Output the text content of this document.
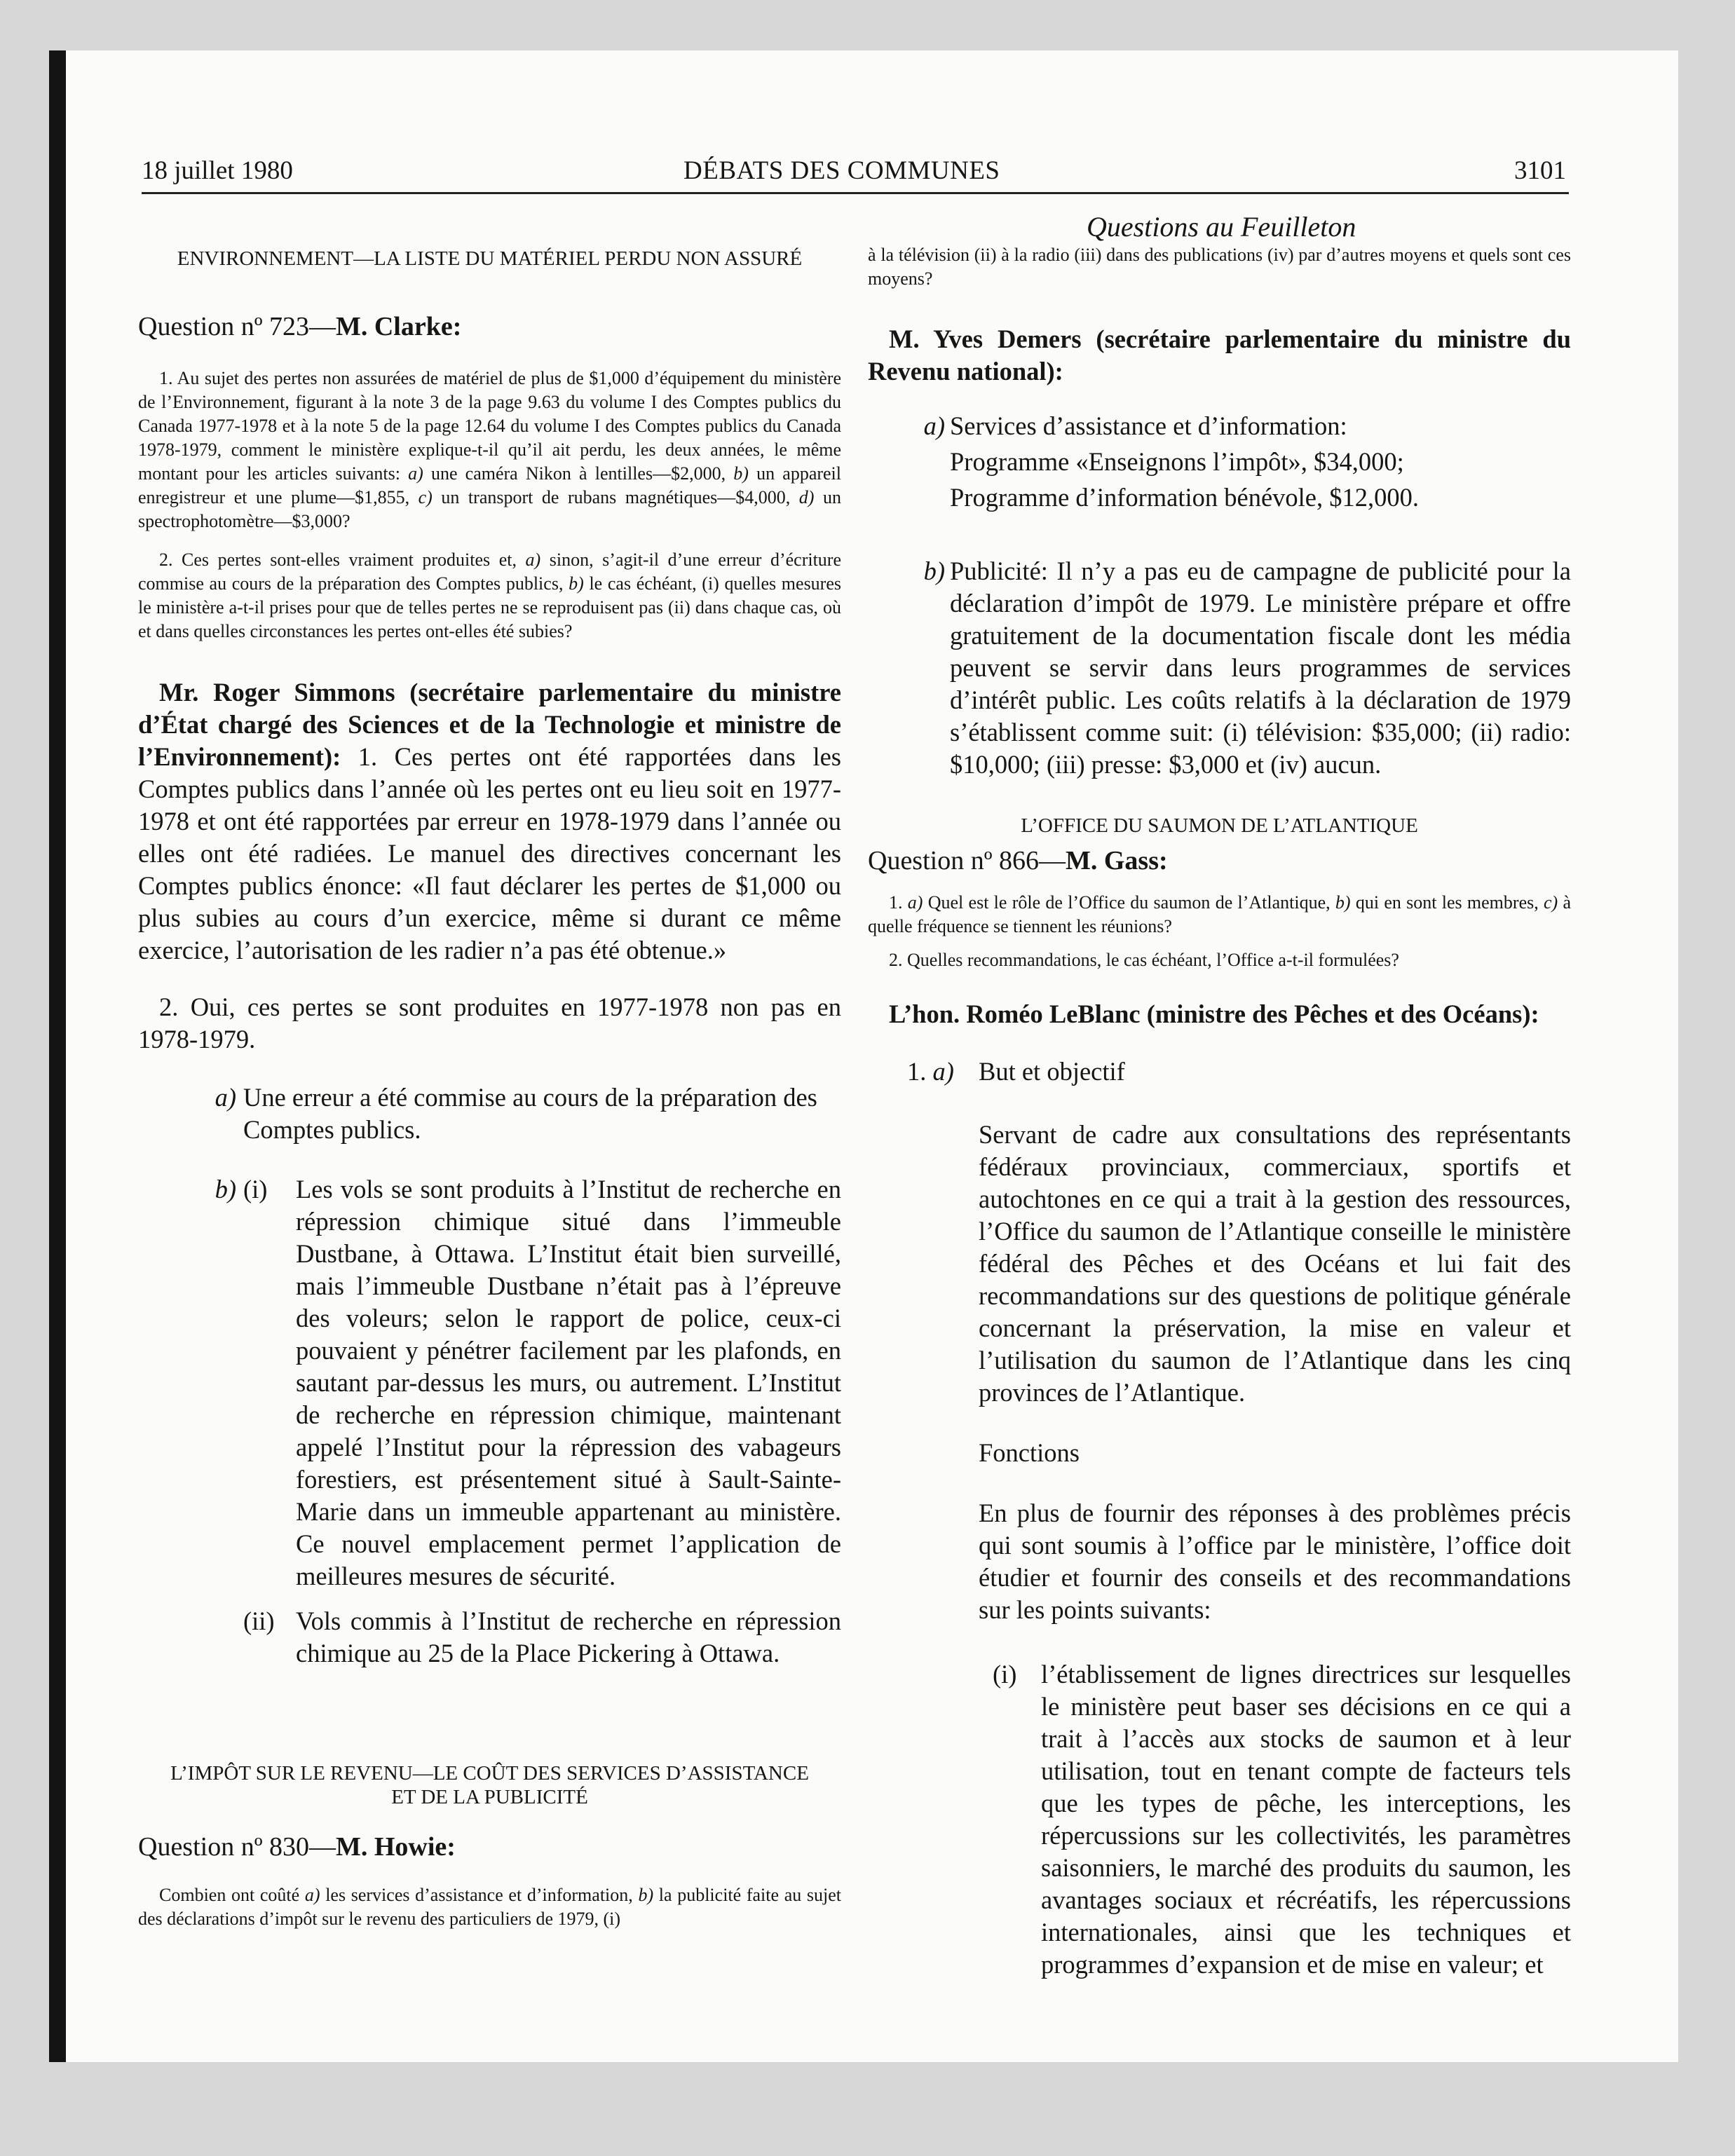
18 juillet 1980	DÉBATS DES COMMUNES	3101
Questions au Feuilleton

ENVIRONNEMENT—LA LISTE DU MATÉRIEL PERDU NON ASSURÉ

Question nº 723—M. Clarke:

1. Au sujet des pertes non assurées de matériel de plus de $1,000 d’équipement du ministère de l’Environnement, figurant à la note 3 de la page 9.63 du volume I des Comptes publics du Canada 1977-1978 et à la note 5 de la page 12.64 du volume I des Comptes publics du Canada 1978-1979, comment le ministère explique-t-il qu’il ait perdu, les deux années, le même montant pour les articles suivants: a) une caméra Nikon à lentilles—$2,000, b) un appareil enregistreur et une plume—$1,855, c) un transport de rubans magnétiques—$4,000, d) un spectrophotomètre—$3,000?

2. Ces pertes sont-elles vraiment produites et, a) sinon, s’agit-il d’une erreur d’écriture commise au cours de la préparation des Comptes publics, b) le cas échéant, (i) quelles mesures le ministère a-t-il prises pour que de telles pertes ne se reproduisent pas (ii) dans chaque cas, où et dans quelles circonstances les pertes ont-elles été subies?

Mr. Roger Simmons (secrétaire parlementaire du ministre d’État chargé des Sciences et de la Technologie et ministre de l’Environnement): 1. Ces pertes ont été rapportées dans les Comptes publics dans l’année où les pertes ont eu lieu soit en 1977-1978 et ont été rapportées par erreur en 1978-1979 dans l’année ou elles ont été radiées. Le manuel des directives concernant les Comptes publics énonce: «Il faut déclarer les pertes de $1,000 ou plus subies au cours d’un exercice, même si durant ce même exercice, l’autorisation de les radier n’a pas été obtenue.»

2. Oui, ces pertes se sont produites en 1977-1978 non pas en 1978-1979.

a) Une erreur a été commise au cours de la préparation des Comptes publics.

b) (i)	Les vols se sont produits à l’Institut de recherche en répression chimique situé dans l’immeuble Dustbane, à Ottawa. L’Institut était bien surveillé, mais l’immeuble Dustbane n’était pas à l’épreuve des voleurs; selon le rapport de police, ceux-ci pouvaient y pénétrer facilement par les plafonds, en sautant par-dessus les murs, ou autrement. L’Institut de recherche en répression chimique, maintenant appelé l’Institut pour la répression des vabageurs forestiers, est présentement situé à Sault-Sainte-Marie dans un immeuble appartenant au ministère. Ce nouvel emplacement permet l’application de meilleures mesures de sécurité.

(ii) Vols commis à l’Institut de recherche en répression chimique au 25 de la Place Pickering à Ottawa.

L’IMPÔT SUR LE REVENU—LE COÛT DES SERVICES D’ASSISTANCE ET DE LA PUBLICITÉ

Question nº 830—M. Howie:

Combien ont coûté a) les services d’assistance et d’information, b) la publicité faite au sujet des déclarations d’impôt sur le revenu des particuliers de 1979, (i)

à la télévision (ii) à la radio (iii) dans des publications (iv) par d’autres moyens et quels sont ces moyens?

M. Yves Demers (secrétaire parlementaire du ministre du Revenu national):

a) Services d’assistance et d’information:

Programme «Enseignons l’impôt», $34,000;

Programme d’information bénévole, $12,000.

b) Publicité: Il n’y a pas eu de campagne de publicité pour la déclaration d’impôt de 1979. Le ministère prépare et offre gratuitement de la documentation fiscale dont les média peuvent se servir dans leurs programmes de services d’intérêt public. Les coûts relatifs à la déclaration de 1979 s’établissent comme suit: (i) télévision: $35,000; (ii) radio: $10,000; (iii) presse: $3,000 et (iv) aucun.

L’OFFICE DU SAUMON DE L’ATLANTIQUE

Question nº 866—M. Gass:

1. a) Quel est le rôle de l’Office du saumon de l’Atlantique, b) qui en sont les membres, c) à quelle fréquence se tiennent les réunions?

2. Quelles recommandations, le cas échéant, l’Office a-t-il formulées?

L’hon. Roméo LeBlanc (ministre des Pêches et des Océans):

1. a) But et objectif

Servant de cadre aux consultations des représentants fédéraux provinciaux, commerciaux, sportifs et autochtones en ce qui a trait à la gestion des ressources, l’Office du saumon de l’Atlantique conseille le ministère fédéral des Pêches et des Océans et lui fait des recommandations sur des questions de politique générale concernant la préservation, la mise en valeur et l’utilisation du saumon de l’Atlantique dans les cinq provinces de l’Atlantique.

Fonctions

En plus de fournir des réponses à des problèmes précis qui sont soumis à l’office par le ministère, l’office doit étudier et fournir des conseils et des recommandations sur les points suivants:

(i) l’établissement de lignes directrices sur lesquelles le ministère peut baser ses décisions en ce qui a trait à l’accès aux stocks de saumon et à leur utilisation, tout en tenant compte de facteurs tels que les types de pêche, les interceptions, les répercussions sur les collectivités, les paramètres saisonniers, le marché des produits du saumon, les avantages sociaux et récréatifs, les répercussions internationales, ainsi que les techniques et programmes d’expansion et de mise en valeur; et
